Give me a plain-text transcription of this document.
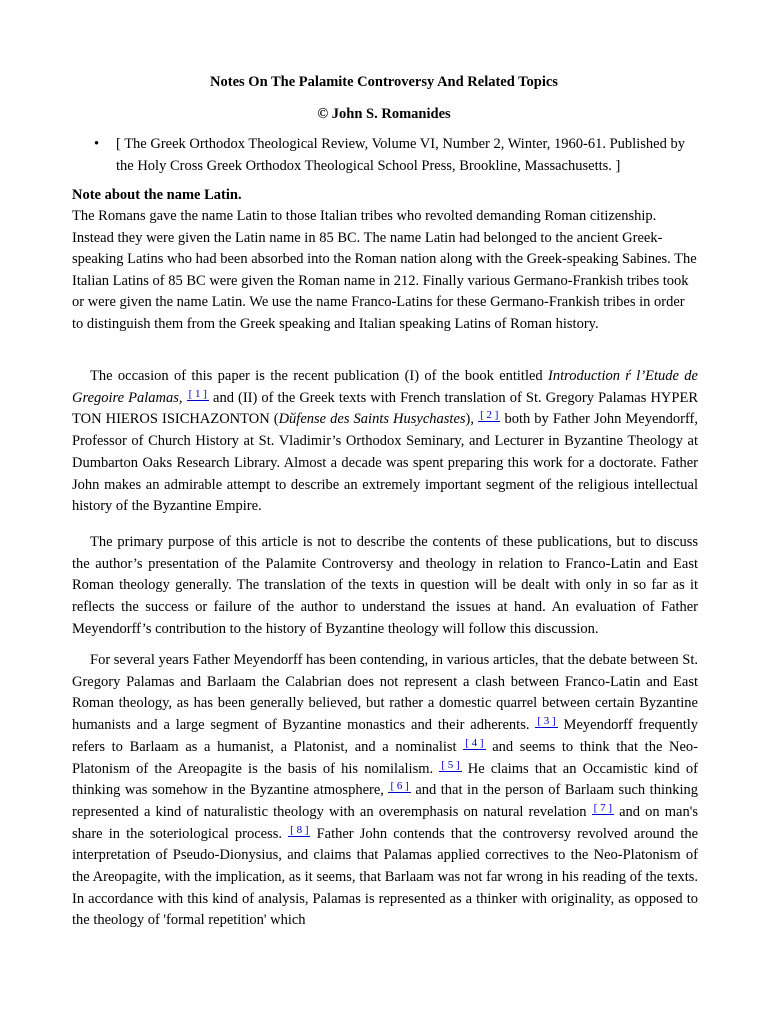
Notes On The Palamite Controversy And Related Topics
© John S. Romanides
•	[ The Greek Orthodox Theological Review, Volume VI, Number 2, Winter, 1960-61. Published by the Holy Cross Greek Orthodox Theological School Press, Brookline, Massachusetts. ]
Note about the name Latin.
The Romans gave the name Latin to those Italian tribes who revolted demanding Roman citizenship. Instead they were given the Latin name in 85 BC. The name Latin had belonged to the ancient Greek-speaking Latins who had been absorbed into the Roman nation along with the Greek-speaking Sabines. The Italian Latins of 85 BC were given the Roman name in 212. Finally various Germano-Frankish tribes took or were given the name Latin. We use the name Franco-Latins for these Germano-Frankish tribes in order to distinguish them from the Greek speaking and Italian speaking Latins of Roman history.

The occasion of this paper is the recent publication (I) of the book entitled Introduction ŕ l’Etude de Gregoire Palamas, [ 1 ] and (II) of the Greek texts with French translation of St. Gregory Palamas HYPER TON HIEROS ISICHAZONTON (Dйfense des Saints Hиsychastes), [ 2 ] both by Father John Meyendorff, Professor of Church History at St. Vladimir’s Orthodox Seminary, and Lecturer in Byzantine Theology at Dumbarton Oaks Research Library. Almost a decade was spent preparing this work for a doctorate. Father John makes an admirable attempt to describe an extremely important segment of the religious intellectual history of the Byzantine Empire.

The primary purpose of this article is not to describe the contents of these publications, but to discuss the author’s presentation of the Palamite Controversy and theology in relation to Franco-Latin and East Roman theology generally. The translation of the texts in question will be dealt with only in so far as it reflects the success or failure of the author to understand the issues at hand. An evaluation of Father Meyendorff’s contribution to the history of Byzantine theology will follow this discussion.

For several years Father Meyendorff has been contending, in various articles, that the debate between St. Gregory Palamas and Barlaam the Calabrian does not represent a clash between Franco-Latin and East Roman theology, as has been generally believed, but rather a domestic quarrel between certain Byzantine humanists and a large segment of Byzantine monastics and their adherents. [ 3 ] Meyendorff frequently refers to Barlaam as a humanist, a Platonist, and a nominalist [ 4 ] and seems to think that the Neo-Platonism of the Areopagite is the basis of his nomilalism. [ 5 ] He claims that an Occamistic kind of thinking was somehow in the Byzantine atmosphere, [ 6 ] and that in the person of Barlaam such thinking represented a kind of naturalistic theology with an overemphasis on natural revelation [ 7 ] and on man's share in the soteriological process. [ 8 ] Father John contends that the controversy revolved around the interpretation of Pseudo-Dionysius, and claims that Palamas applied correctives to the Neo-Platonism of the Areopagite, with the implication, as it seems, that Barlaam was not far wrong in his reading of the texts. In accordance with this kind of analysis, Palamas is represented as a thinker with originality, as opposed to the theology of 'formal repetition' which
